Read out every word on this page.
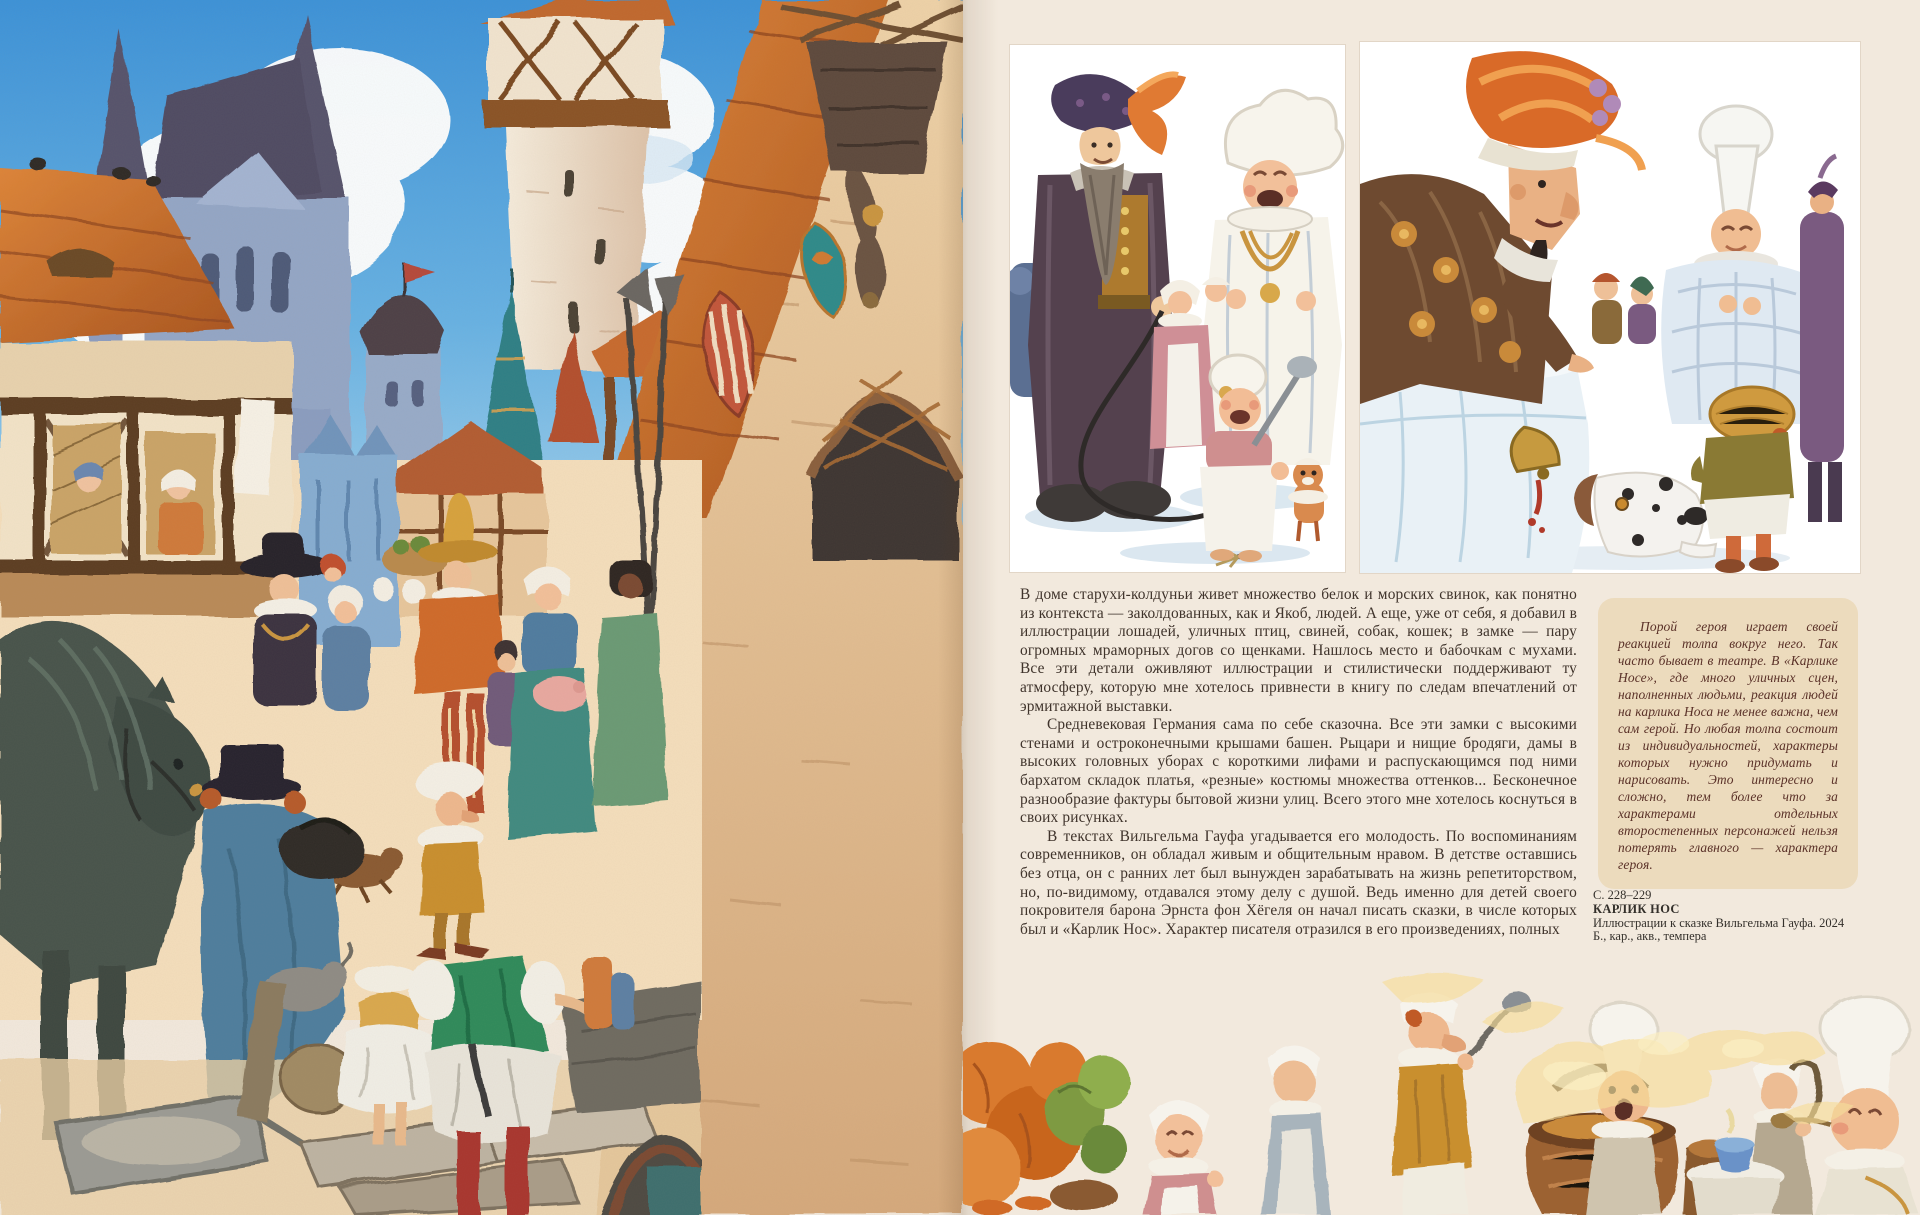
В доме старухи-колдуньи живет множество белок и морских свинок, как понятно из контекста — заколдованных, как и Якоб, людей. А еще, уже от себя, я добавил в иллюстрации лошадей, уличных птиц, свиней, собак, кошек; в замке — пару огромных мраморных догов со щенками. Нашлось место и бабочкам с мухами. Все эти детали оживляют иллюстрации и стилистически поддерживают ту атмосферу, которую мне хотелось привнести в книгу по следам впечатлений от эрмитажной выставки.

Средневековая Германия сама по себе сказочна. Все эти замки с высокими стенами и остроконечными крышами башен. Рыцари и нищие бродяги, дамы в высоких головных уборах с короткими лифами и распускающимся под ними бархатом складок платья, «резные» костюмы множества оттенков... Бесконечное разнообразие фактуры бытовой жизни улиц. Всего этого мне хотелось коснуться в своих рисунках.

В текстах Вильгельма Гауфа угадывается его молодость. По воспоминаниям современников, он обладал живым и общительным нравом. В детстве оставшись без отца, он с ранних лет был вынужден зарабатывать на жизнь репетиторством, но, по-видимому, отдавался этому делу с душой. Ведь именно для детей своего покровителя барона Эрнста фон Хёгеля он начал писать сказки, в числе которых был и «Карлик Нос». Характер писателя отразился в его произведениях, полных

Порой героя играет своей реакцией толпа вокруг него. Так часто бывает в театре. В «Карлике Носе», где много уличных сцен, наполненных людьми, реакция людей на карлика Носа не менее важна, чем сам герой. Но любая толпа состоит из индивидуальностей, характеры которых нужно придумать и нарисовать. Это интересно и сложно, тем более что за характерами отдельных второстепенных персонажей нельзя потерять главного — характера героя.

С. 228–229
КАРЛИК НОС
Иллюстрации к сказке Вильгельма Гауфа. 2024
Б., кар., акв., темпера
